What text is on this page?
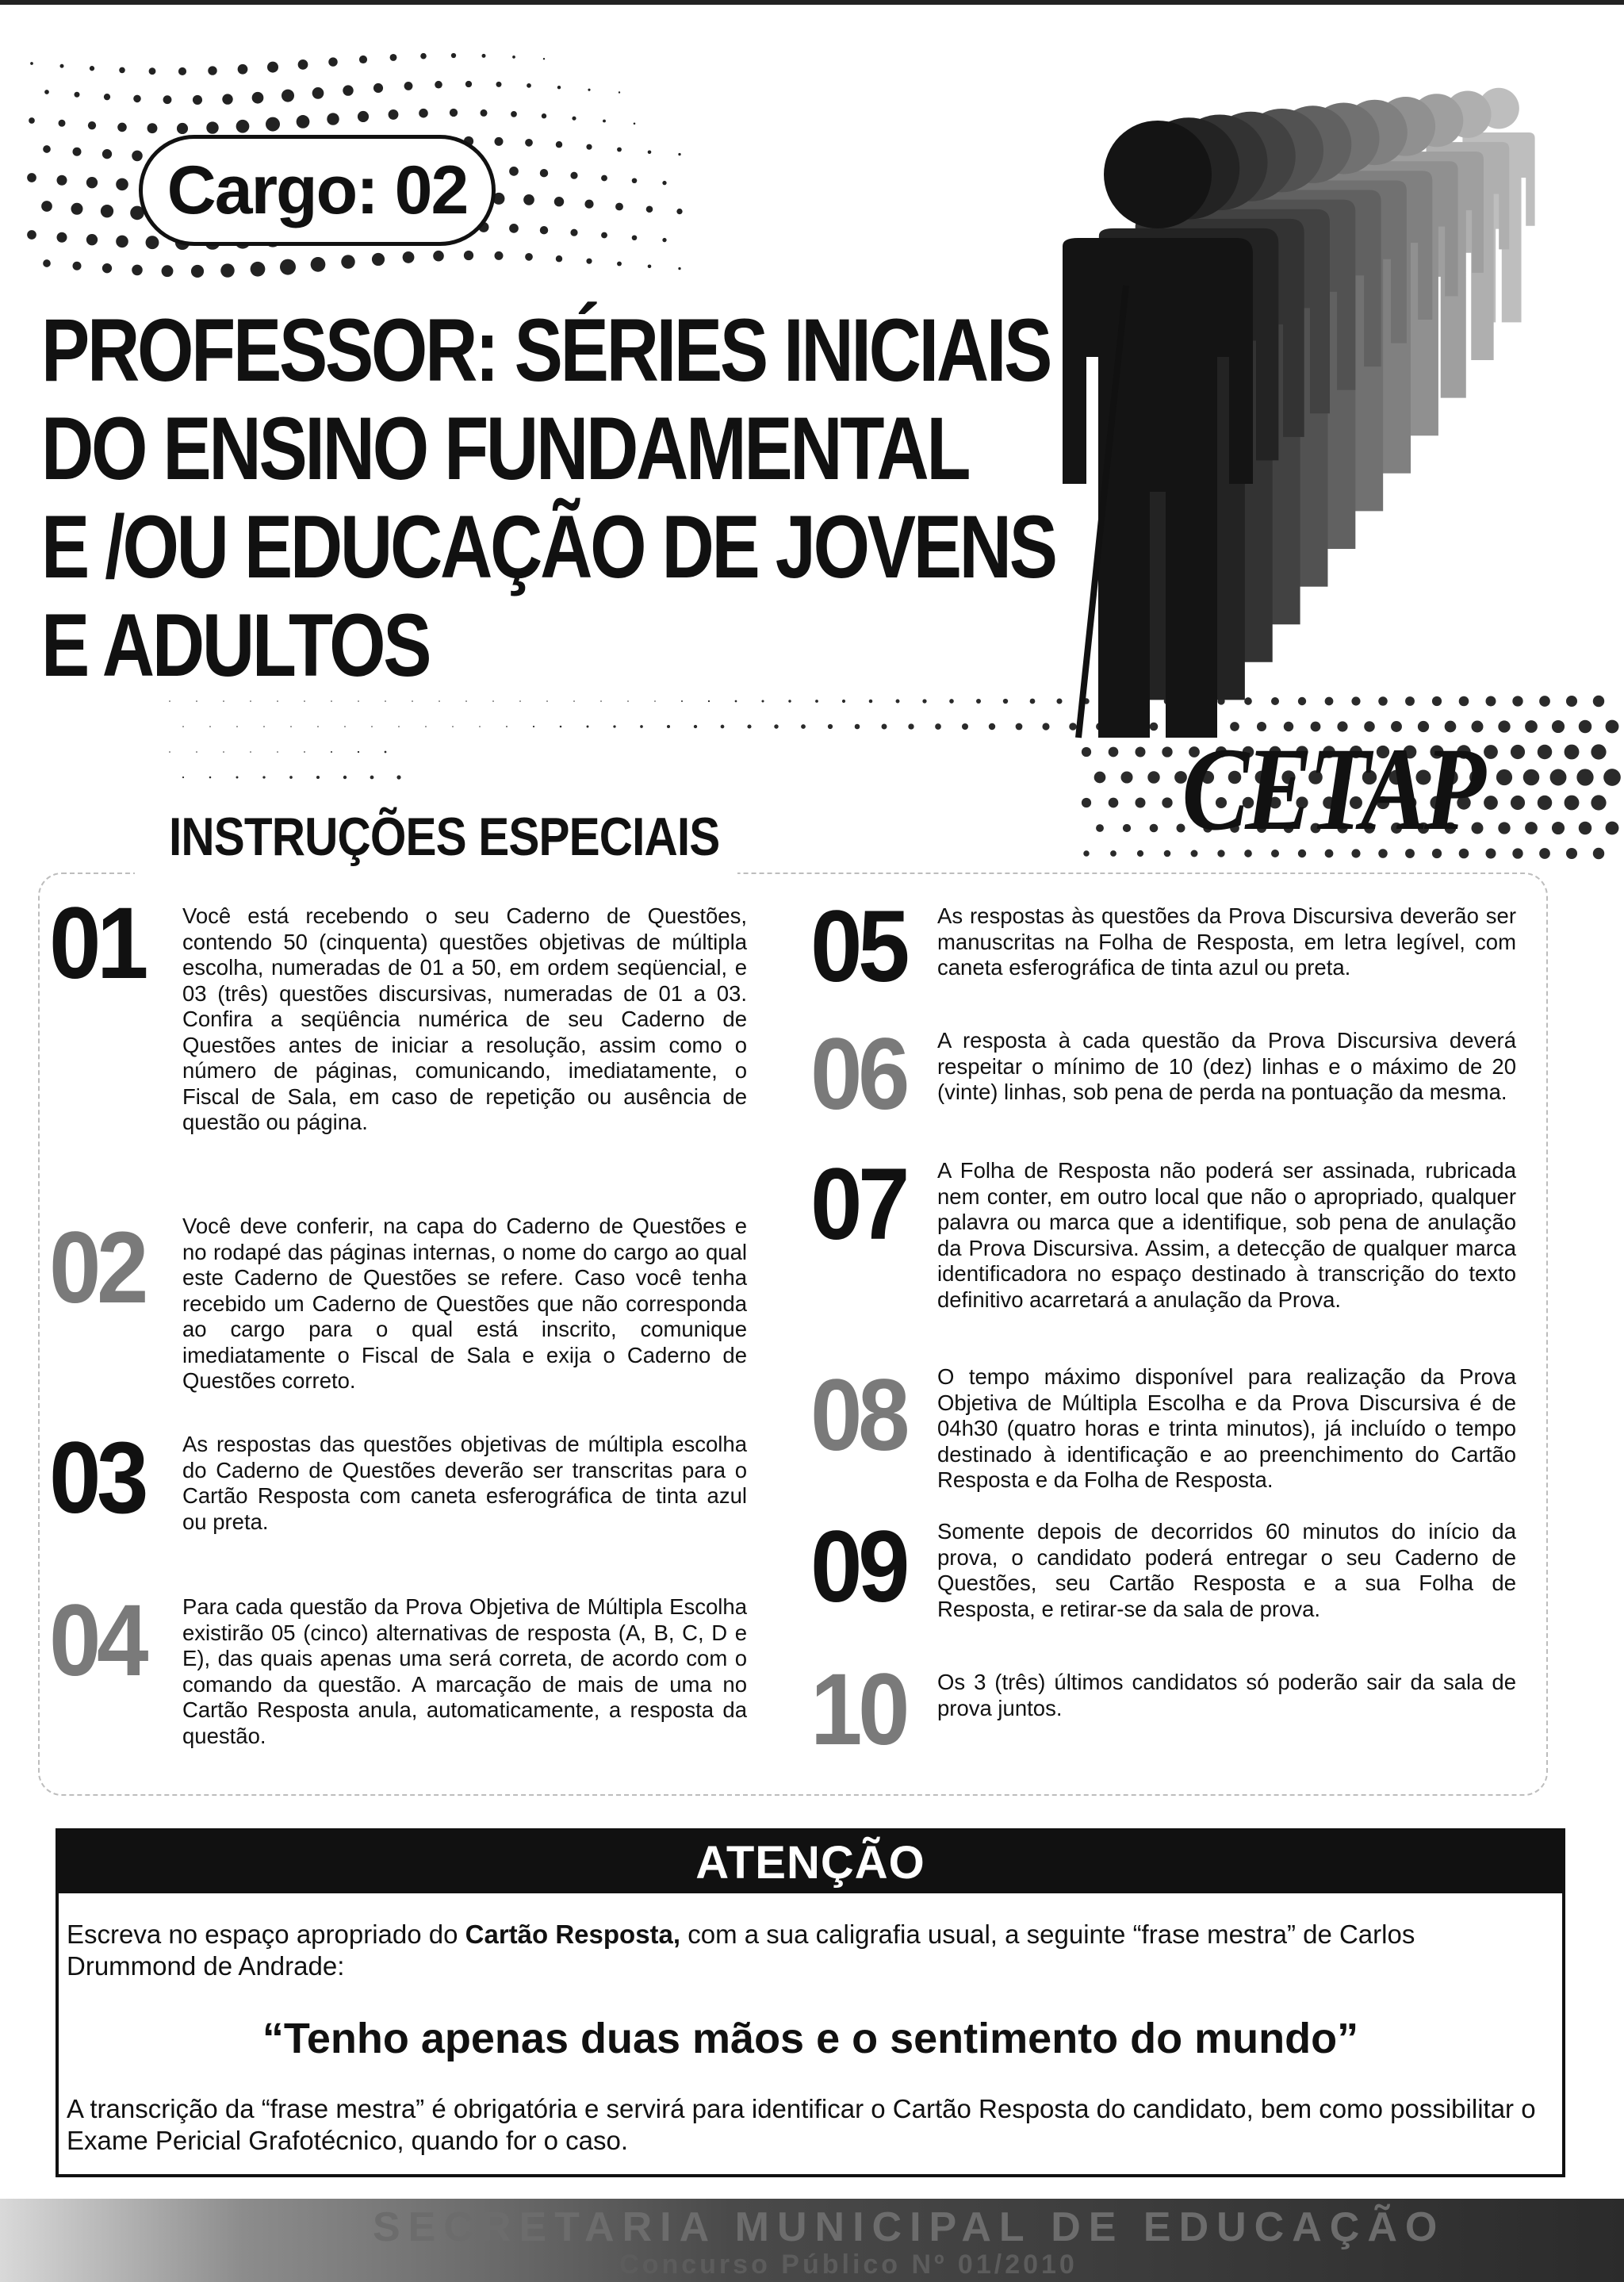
Cargo: 02
PROFESSOR: SÉRIES INICIAIS
DO ENSINO FUNDAMENTAL
E /OU EDUCAÇÃO DE JOVENS
E ADULTOS
CETAP
INSTRUÇÕES ESPECIAIS
01 Você está recebendo o seu Caderno de Questões, contendo 50 (cinquenta) questões objetivas de múltipla escolha, numeradas de 01 a 50, em ordem seqüencial, e 03 (três) questões discursivas, numeradas de 01 a 03. Confira a seqüência numérica de seu Caderno de Questões antes de iniciar a resolução, assim como o número de páginas, comunicando, imediatamente, o Fiscal de Sala, em caso de repetição ou ausência de questão ou página.
02 Você deve conferir, na capa do Caderno de Questões e no rodapé das páginas internas, o nome do cargo ao qual este Caderno de Questões se refere. Caso você tenha recebido um Caderno de Questões que não corresponda ao cargo para o qual está inscrito, comunique imediatamente o Fiscal de Sala e exija o Caderno de Questões correto.
03 As respostas das questões objetivas de múltipla escolha do Caderno de Questões deverão ser transcritas para o Cartão Resposta com caneta esferográfica de tinta azul ou preta.
04 Para cada questão da Prova Objetiva de Múltipla Escolha existirão 05 (cinco) alternativas de resposta (A, B, C, D e E), das quais apenas uma será correta, de acordo com o comando da questão. A marcação de mais de uma no Cartão Resposta anula, automaticamente, a resposta da questão.
05 As respostas às questões da Prova Discursiva deverão ser manuscritas na Folha de Resposta, em letra legível, com caneta esferográfica de tinta azul ou preta.
06 A resposta à cada questão da Prova Discursiva deverá respeitar o mínimo de 10 (dez) linhas e o máximo de 20 (vinte) linhas, sob pena de perda na pontuação da mesma.
07 A Folha de Resposta não poderá ser assinada, rubricada nem conter, em outro local que não o apropriado, qualquer palavra ou marca que a identifique, sob pena de anulação da Prova Discursiva. Assim, a detecção de qualquer marca identificadora no espaço destinado à transcrição do texto definitivo acarretará a anulação da Prova.
08 O tempo máximo disponível para realização da Prova Objetiva de Múltipla Escolha e da Prova Discursiva é de 04h30 (quatro horas e trinta minutos), já incluído o tempo destinado à identificação e ao preenchimento do Cartão Resposta e da Folha de Resposta.
09 Somente depois de decorridos 60 minutos do início da prova, o candidato poderá entregar o seu Caderno de Questões, seu Cartão Resposta e a sua Folha de Resposta, e retirar-se da sala de prova.
10 Os 3 (três) últimos candidatos só poderão sair da sala de prova juntos.
ATENÇÃO
Escreva no espaço apropriado do Cartão Resposta, com a sua caligrafia usual, a seguinte “frase mestra” de Carlos Drummond de Andrade:
“Tenho apenas duas mãos e o sentimento do mundo”
A transcrição da “frase mestra” é obrigatória e servirá para identificar o Cartão Resposta do candidato, bem como possibilitar o Exame Pericial Grafotécnico, quando for o caso.
SECRETARIA MUNICIPAL DE EDUCAÇÃO
Concurso Público Nº 01/2010
